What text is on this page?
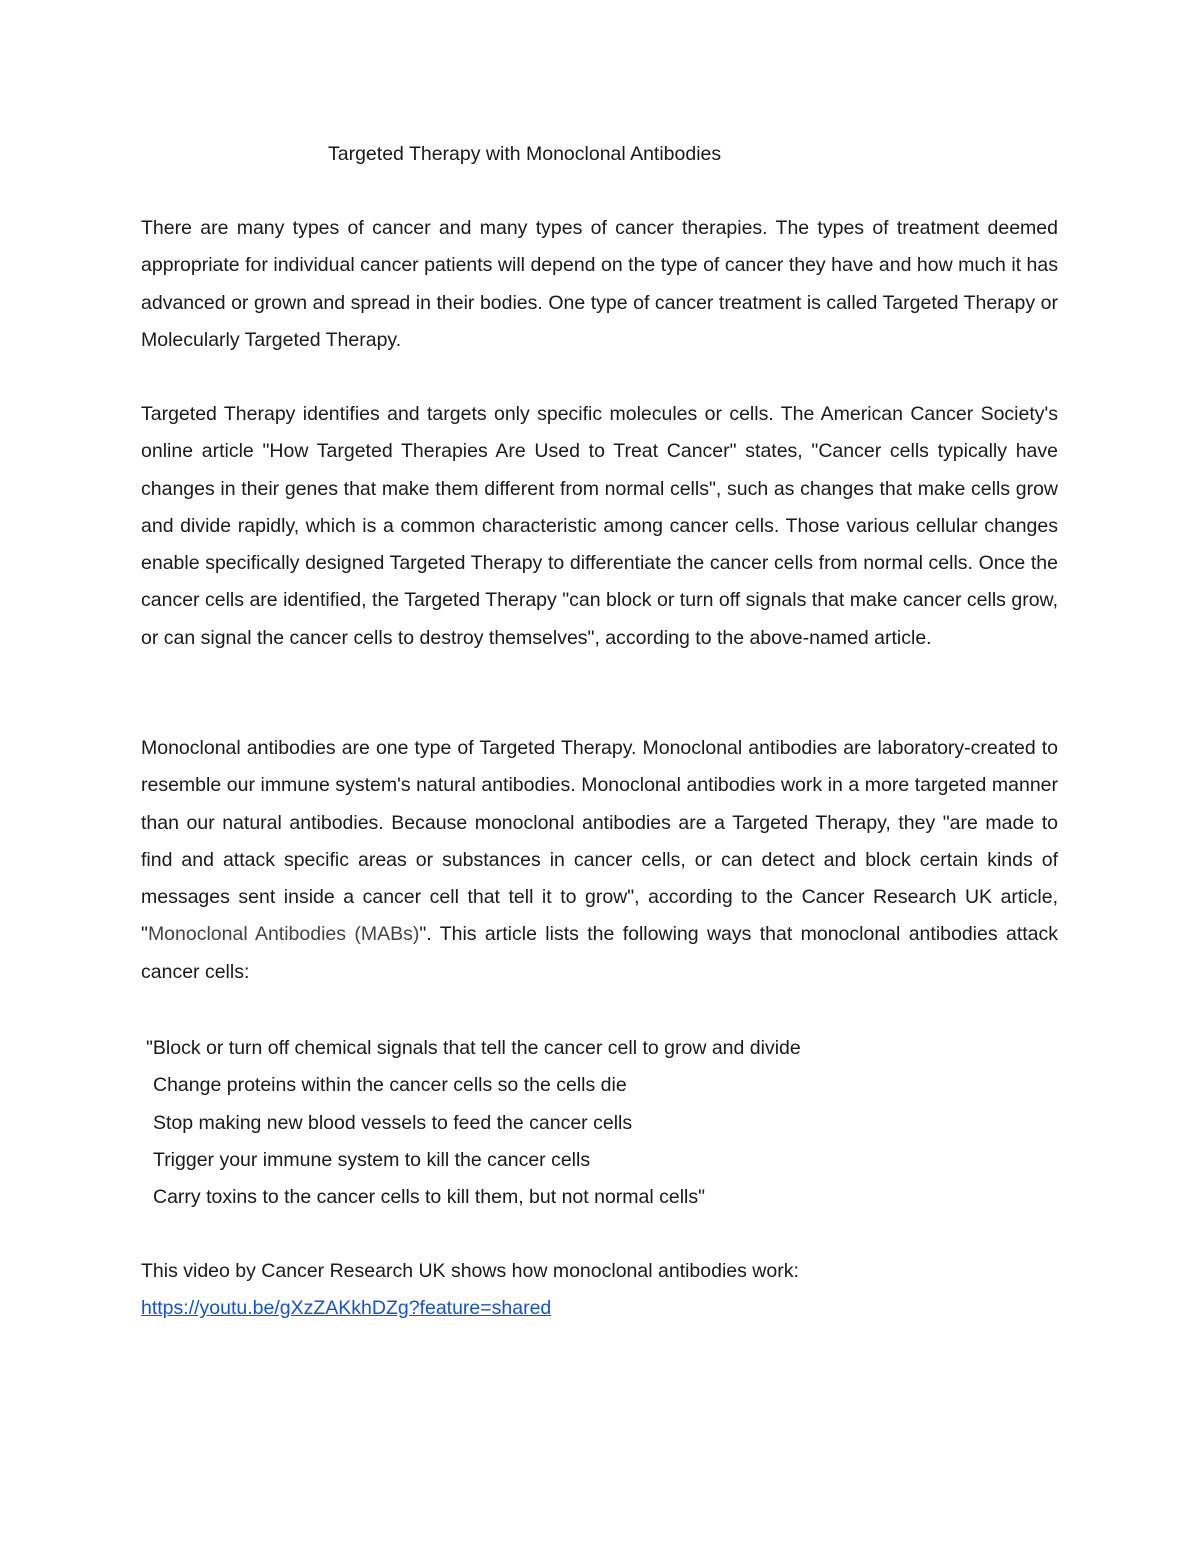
Targeted Therapy with Monoclonal Antibodies

There are many types of cancer and many types of cancer therapies. The types of treatment deemed appropriate for individual cancer patients will depend on the type of cancer they have and how much it has advanced or grown and spread in their bodies. One type of cancer treatment is called Targeted Therapy or Molecularly Targeted Therapy.

Targeted Therapy identifies and targets only specific molecules or cells. The American Cancer Society's online article "How Targeted Therapies Are Used to Treat Cancer" states, "Cancer cells typically have changes in their genes that make them different from normal cells", such as changes that make cells grow and divide rapidly, which is a common characteristic among cancer cells. Those various cellular changes enable specifically designed Targeted Therapy to differentiate the cancer cells from normal cells. Once the cancer cells are identified, the Targeted Therapy "can block or turn off signals that make cancer cells grow, or can signal the cancer cells to destroy themselves", according to the above-named article.

Monoclonal antibodies are one type of Targeted Therapy. Monoclonal antibodies are laboratory-created to resemble our immune system's natural antibodies. Monoclonal antibodies work in a more targeted manner than our natural antibodies. Because monoclonal antibodies are a Targeted Therapy, they "are made to find and attack specific areas or substances in cancer cells, or can detect and block certain kinds of messages sent inside a cancer cell that tell it to grow", according to the Cancer Research UK article, "Monoclonal Antibodies (MABs)". This article lists the following ways that monoclonal antibodies attack cancer cells:

"Block or turn off chemical signals that tell the cancer cell to grow and divide
Change proteins within the cancer cells so the cells die
Stop making new blood vessels to feed the cancer cells
Trigger your immune system to kill the cancer cells
Carry toxins to the cancer cells to kill them, but not normal cells"
This video by Cancer Research UK shows how monoclonal antibodies work:
https://youtu.be/gXzZAKkhDZg?feature=shared
